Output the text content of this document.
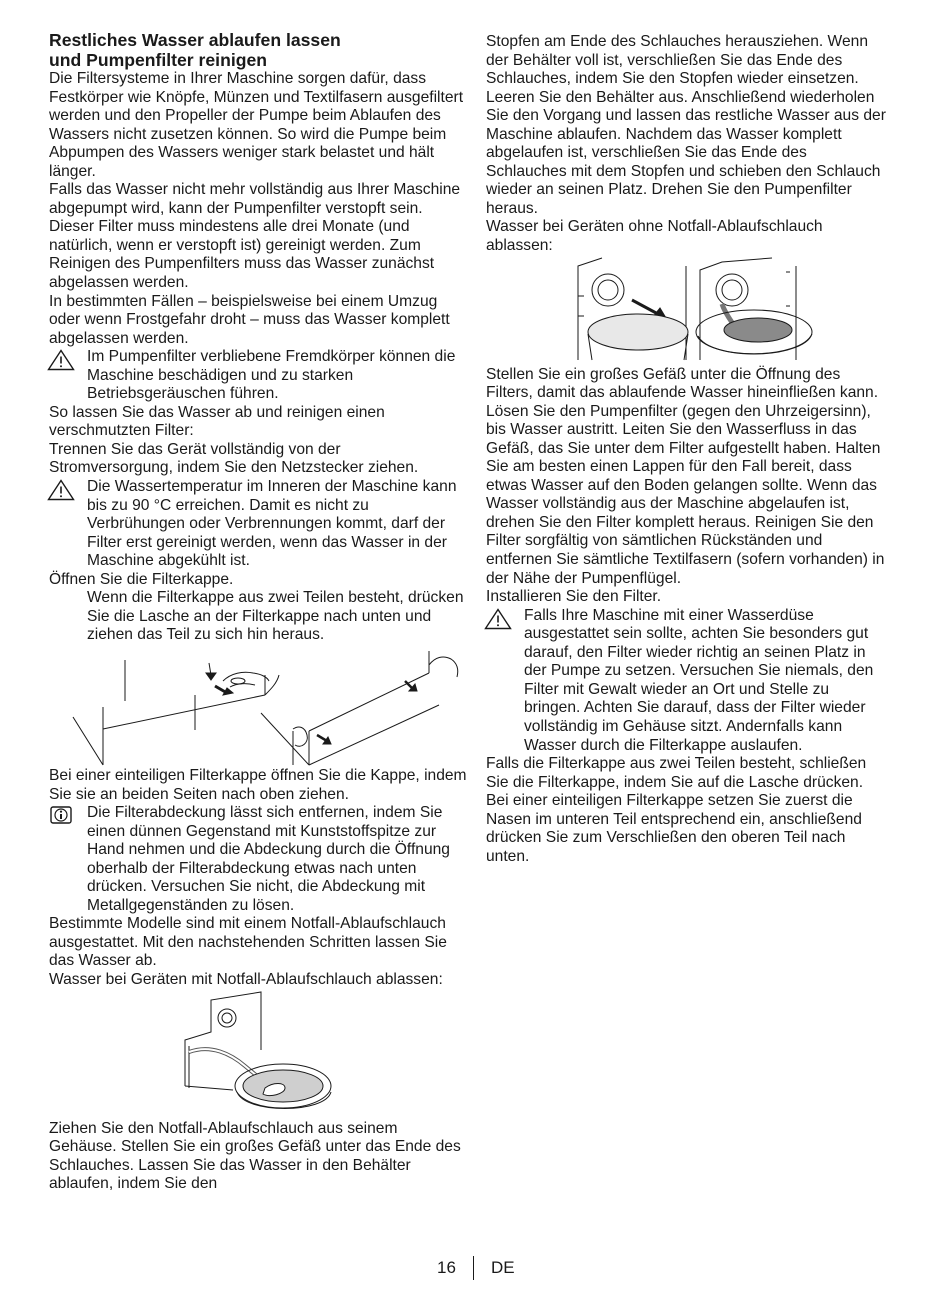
Restliches Wasser ablaufen lassen
und Pumpenfilter reinigen

Die Filtersysteme in Ihrer Maschine sorgen dafür, dass Festkörper wie Knöpfe, Münzen und Textilfasern ausgefiltert werden und den Propeller der Pumpe beim Ablaufen des Wassers nicht zusetzen können. So wird die Pumpe beim Abpumpen des Wassers weniger stark belastet und hält länger.

Falls das Wasser nicht mehr vollständig aus Ihrer Maschine abgepumpt wird, kann der Pumpenfilter verstopft sein. Dieser Filter muss mindestens alle drei Monate (und natürlich, wenn er verstopft ist) gereinigt werden. Zum Reinigen des Pumpenfilters muss das Wasser zunächst abgelassen werden.

In bestimmten Fällen – beispielsweise bei einem Umzug oder wenn Frostgefahr droht – muss das Wasser komplett abgelassen werden.

Im Pumpenfilter verbliebene Fremdkörper können die Maschine beschädigen und zu starken Betriebsgeräuschen führen.

So lassen Sie das Wasser ab und reinigen einen verschmutzten Filter:

Trennen Sie das Gerät vollständig von der Stromversorgung, indem Sie den Netzstecker ziehen.

Die Wassertemperatur im Inneren der Maschine kann bis zu 90 °C erreichen. Damit es nicht zu Verbrühungen oder Verbrennungen kommt, darf der Filter erst gereinigt werden, wenn das Wasser in der Maschine abgekühlt ist.

Öffnen Sie die Filterkappe.

Wenn die Filterkappe aus zwei Teilen besteht, drücken Sie die Lasche an der Filterkappe nach unten und ziehen das Teil zu sich hin heraus.

Bei einer einteiligen Filterkappe öffnen Sie die Kappe, indem Sie sie an beiden Seiten nach oben ziehen.

Die Filterabdeckung lässt sich entfernen, indem Sie einen dünnen Gegenstand mit Kunststoffspitze zur Hand nehmen und die Abdeckung durch die Öffnung oberhalb der Filterabdeckung etwas nach unten drücken. Versuchen Sie nicht, die Abdeckung mit Metallgegenständen zu lösen.

Bestimmte Modelle sind mit einem Notfall-Ablaufschlauch ausgestattet. Mit den nachstehenden Schritten lassen Sie das Wasser ab.

Wasser bei Geräten mit Notfall-Ablaufschlauch ablassen:

Ziehen Sie den Notfall-Ablaufschlauch aus seinem Gehäuse. Stellen Sie ein großes Gefäß unter das Ende des Schlauches. Lassen Sie das Wasser in den Behälter ablaufen, indem Sie den

Stopfen am Ende des Schlauches herausziehen. Wenn der Behälter voll ist, verschließen Sie das Ende des Schlauches, indem Sie den Stopfen wieder einsetzen. Leeren Sie den Behälter aus. Anschließend wiederholen Sie den Vorgang und lassen das restliche Wasser aus der Maschine ablaufen. Nachdem das Wasser komplett abgelaufen ist, verschließen Sie das Ende des Schlauches mit dem Stopfen und schieben den Schlauch wieder an seinen Platz. Drehen Sie den Pumpenfilter heraus.

Wasser bei Geräten ohne Notfall-Ablaufschlauch ablassen:

Stellen Sie ein großes Gefäß unter die Öffnung des Filters, damit das ablaufende Wasser hineinfließen kann. Lösen Sie den Pumpenfilter (gegen den Uhrzeigersinn), bis Wasser austritt. Leiten Sie den Wasserfluss in das Gefäß, das Sie unter dem Filter aufgestellt haben. Halten Sie am besten einen Lappen für den Fall bereit, dass etwas Wasser auf den Boden gelangen sollte. Wenn das Wasser vollständig aus der Maschine abgelaufen ist, drehen Sie den Filter komplett heraus. Reinigen Sie den Filter sorgfältig von sämtlichen Rückständen und entfernen Sie sämtliche Textilfasern (sofern vorhanden) in der Nähe der Pumpenflügel.

Installieren Sie den Filter.

Falls Ihre Maschine mit einer Wasserdüse ausgestattet sein sollte, achten Sie besonders gut darauf, den Filter wieder richtig an seinen Platz in der Pumpe zu setzen. Versuchen Sie niemals, den Filter mit Gewalt wieder an Ort und Stelle zu bringen. Achten Sie darauf, dass der Filter wieder vollständig im Gehäuse sitzt. Andernfalls kann Wasser durch die Filterkappe auslaufen.

Falls die Filterkappe aus zwei Teilen besteht, schließen Sie die Filterkappe, indem Sie auf die Lasche drücken. Bei einer einteiligen Filterkappe setzen Sie zuerst die Nasen im unteren Teil entsprechend ein, anschließend drücken Sie zum Verschließen den oberen Teil nach unten.

16 DE
